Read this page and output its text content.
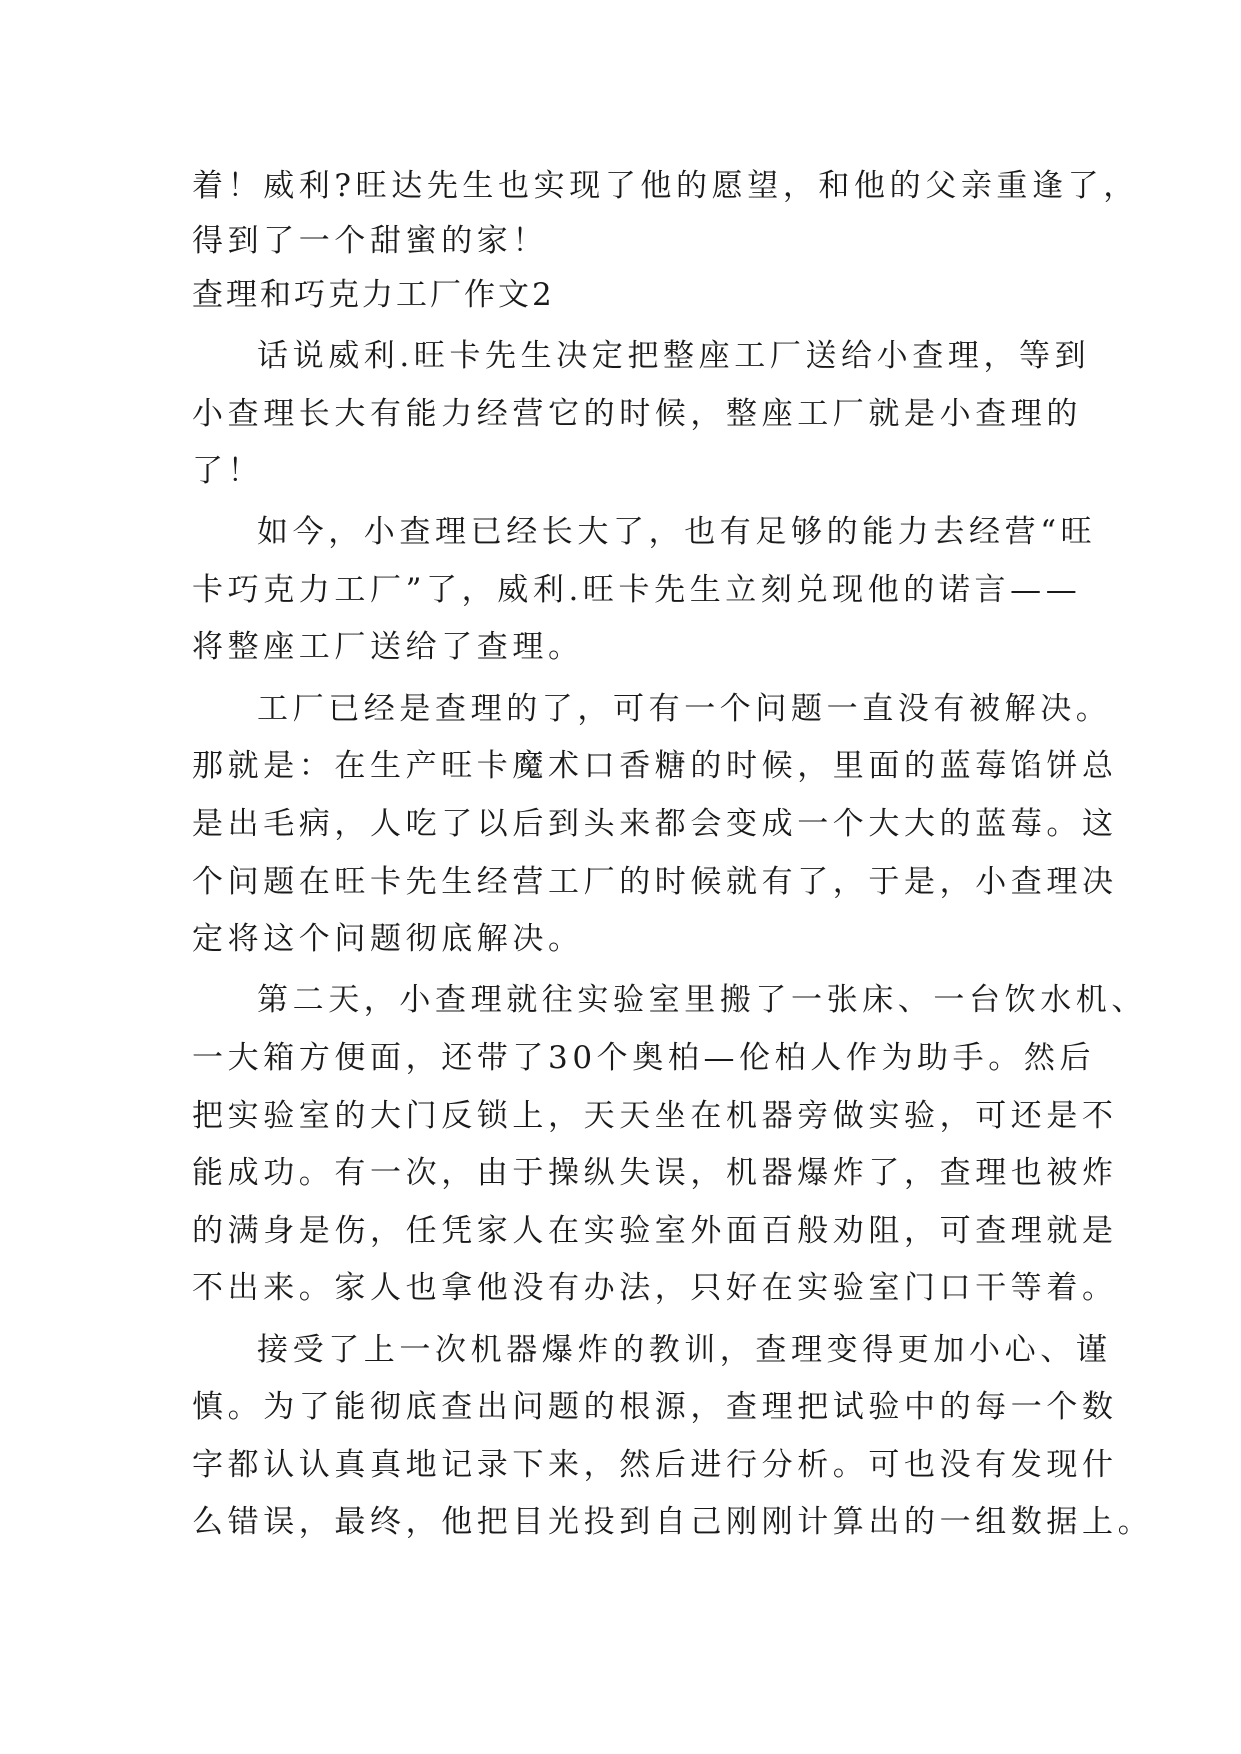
着！威利?旺达先生也实现了他的愿望，和他的父亲重逢了，
得到了一个甜蜜的家！
查理和巧克力工厂作文2
话说威利.旺卡先生决定把整座工厂送给小查理，等到
小查理长大有能力经营它的时候，整座工厂就是小查理的
了！
如今，小查理已经长大了，也有足够的能力去经营“旺
卡巧克力工厂”了，威利.旺卡先生立刻兑现他的诺言——
将整座工厂送给了查理。
工厂已经是查理的了，可有一个问题一直没有被解决。
那就是：在生产旺卡魔术口香糖的时候，里面的蓝莓馅饼总
是出毛病，人吃了以后到头来都会变成一个大大的蓝莓。这
个问题在旺卡先生经营工厂的时候就有了，于是，小查理决
定将这个问题彻底解决。
第二天，小查理就往实验室里搬了一张床、一台饮水机、
一大箱方便面，还带了30个奥柏—伦柏人作为助手。然后
把实验室的大门反锁上，天天坐在机器旁做实验，可还是不
能成功。有一次，由于操纵失误，机器爆炸了，查理也被炸
的满身是伤，任凭家人在实验室外面百般劝阻，可查理就是
不出来。家人也拿他没有办法，只好在实验室门口干等着。
接受了上一次机器爆炸的教训，查理变得更加小心、谨
慎。为了能彻底查出问题的根源，查理把试验中的每一个数
字都认认真真地记录下来，然后进行分析。可也没有发现什
么错误，最终，他把目光投到自己刚刚计算出的一组数据上。
